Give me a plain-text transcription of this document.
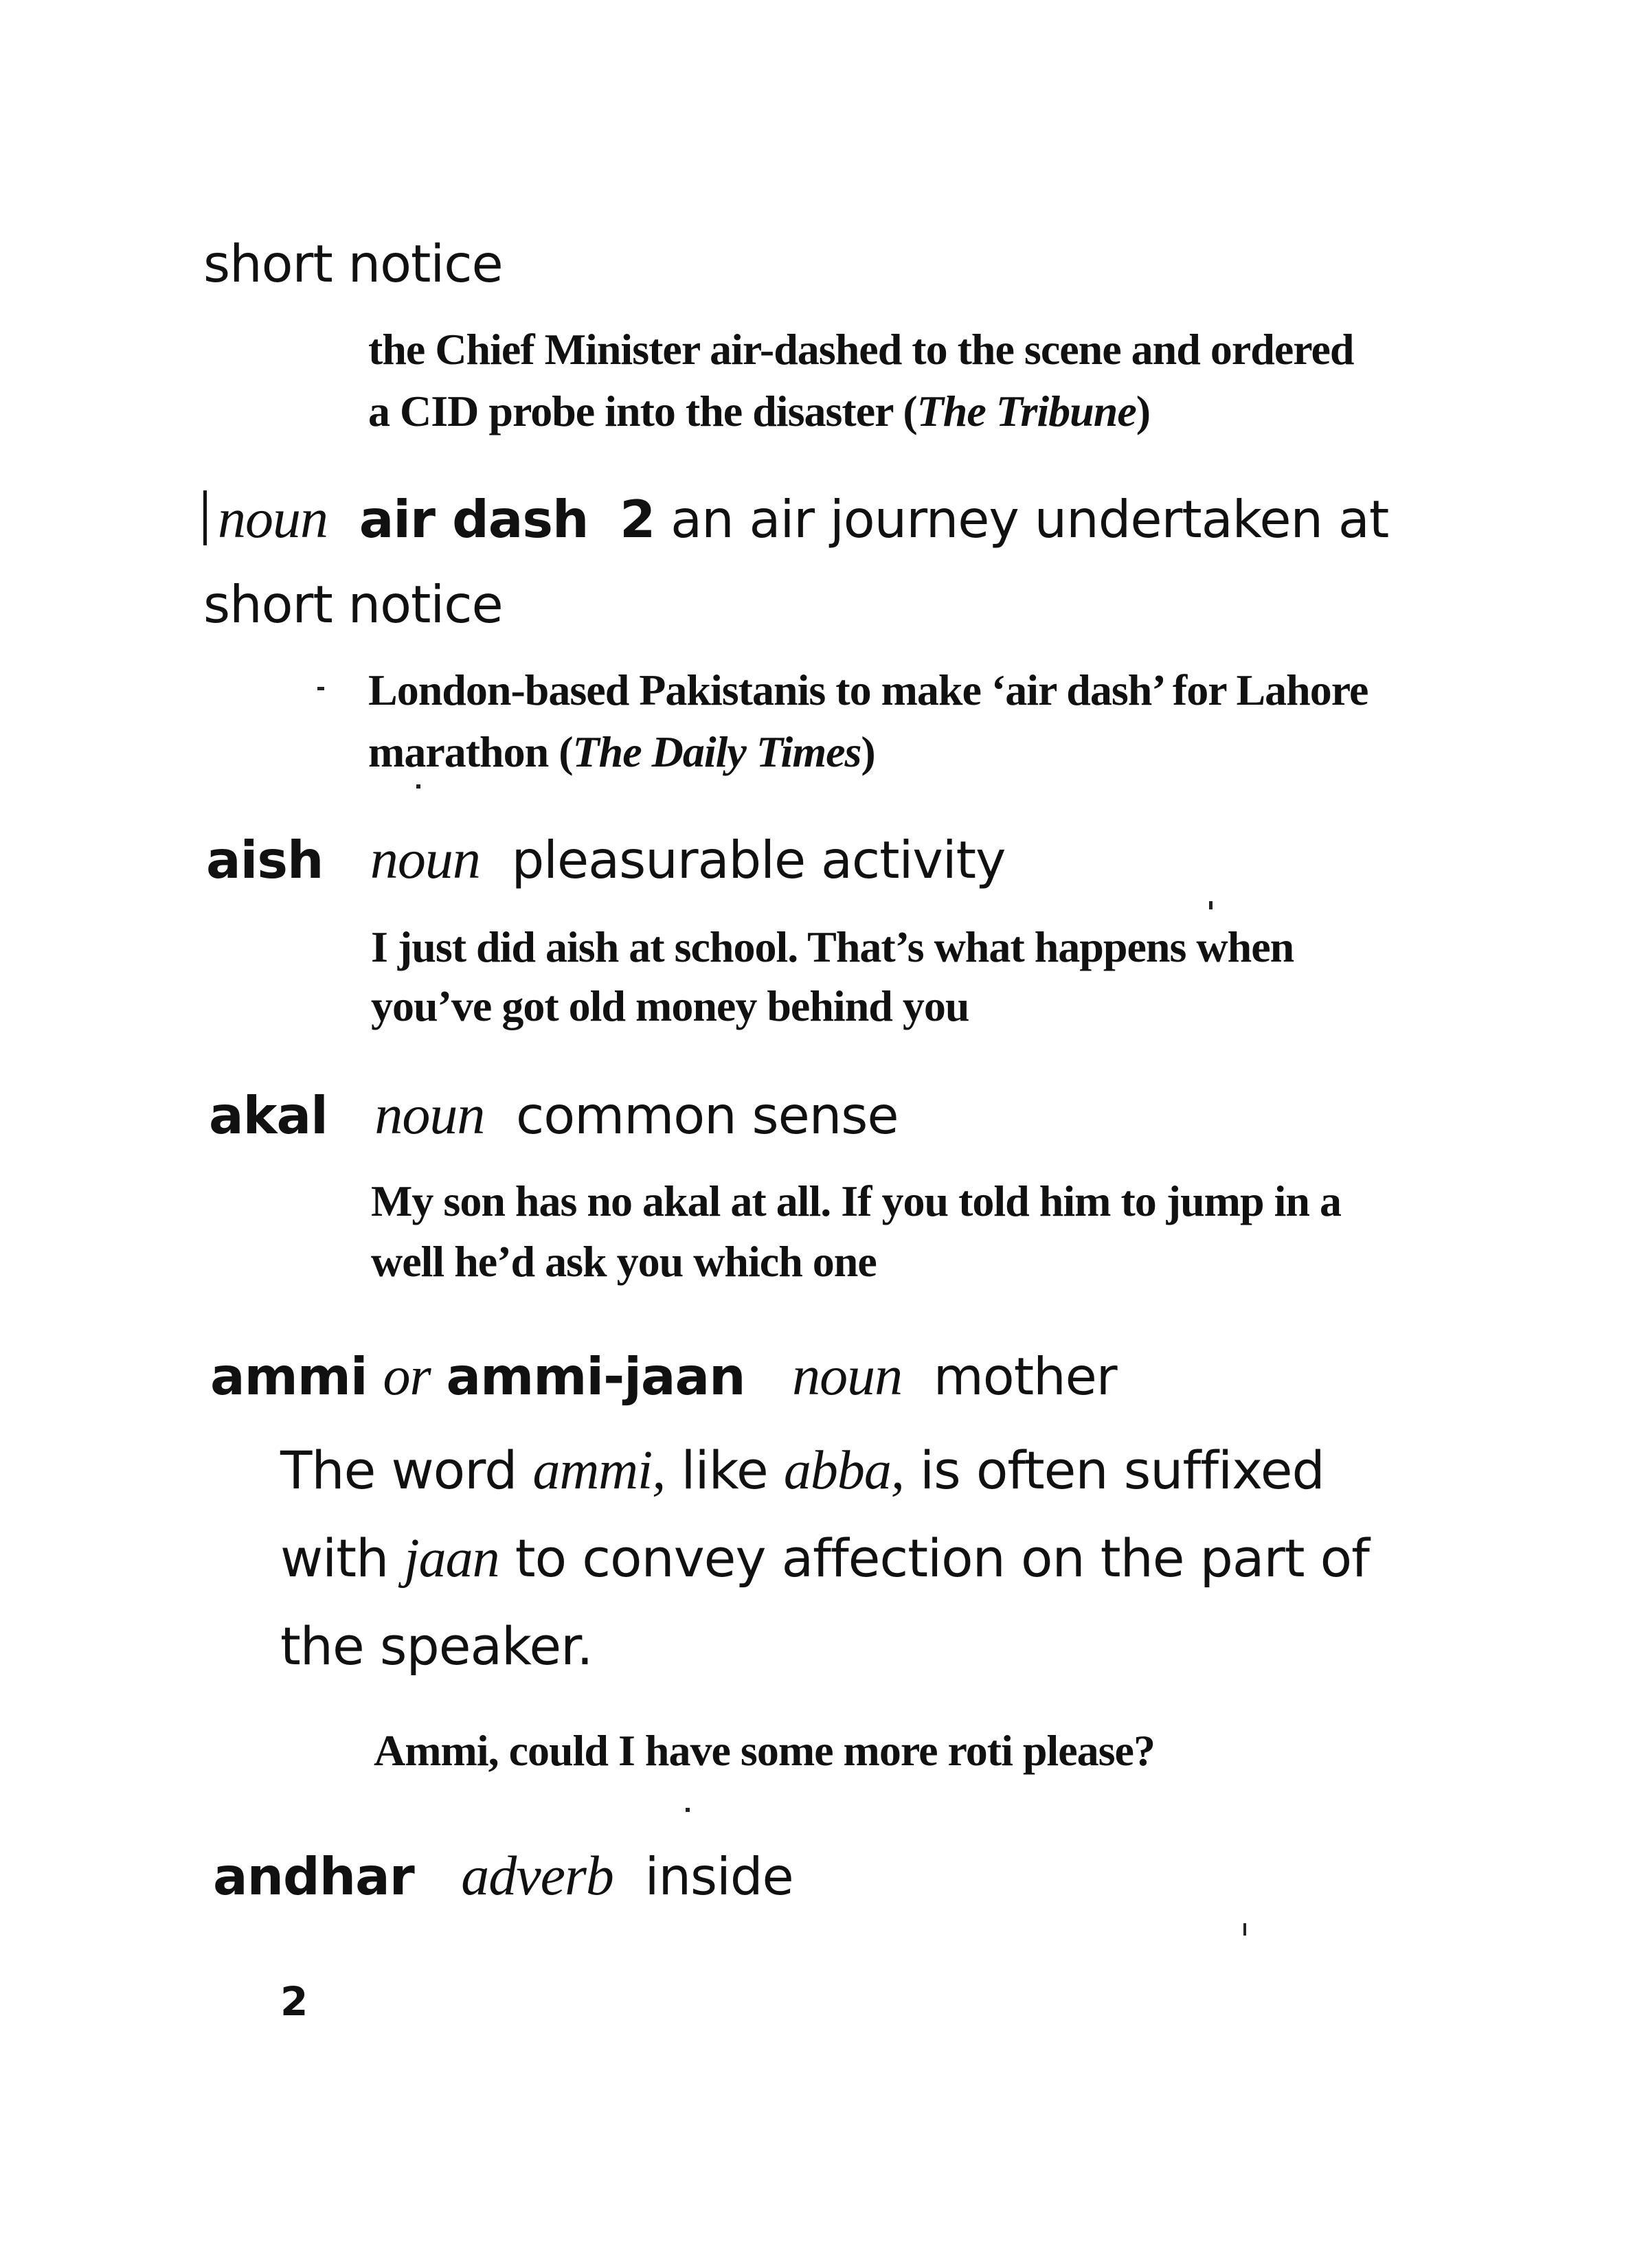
short notice
the Chief Minister air-dashed to the scene and ordered
a CID probe into the disaster (The Tribune)
noun air dash 2 an air journey undertaken at
short notice
London-based Pakistanis to make ‘air dash’ for Lahore
marathon (The Daily Times)
aish noun pleasurable activity
I just did aish at school. That’s what happens when
you’ve got old money behind you
akal noun common sense
My son has no akal at all. If you told him to jump in a
well he’d ask you which one
ammi or ammi-jaan noun mother
The word ammi, like abba, is often suffixed
with jaan to convey affection on the part of
the speaker.
Ammi, could I have some more roti please?
andhar adverb inside
2
